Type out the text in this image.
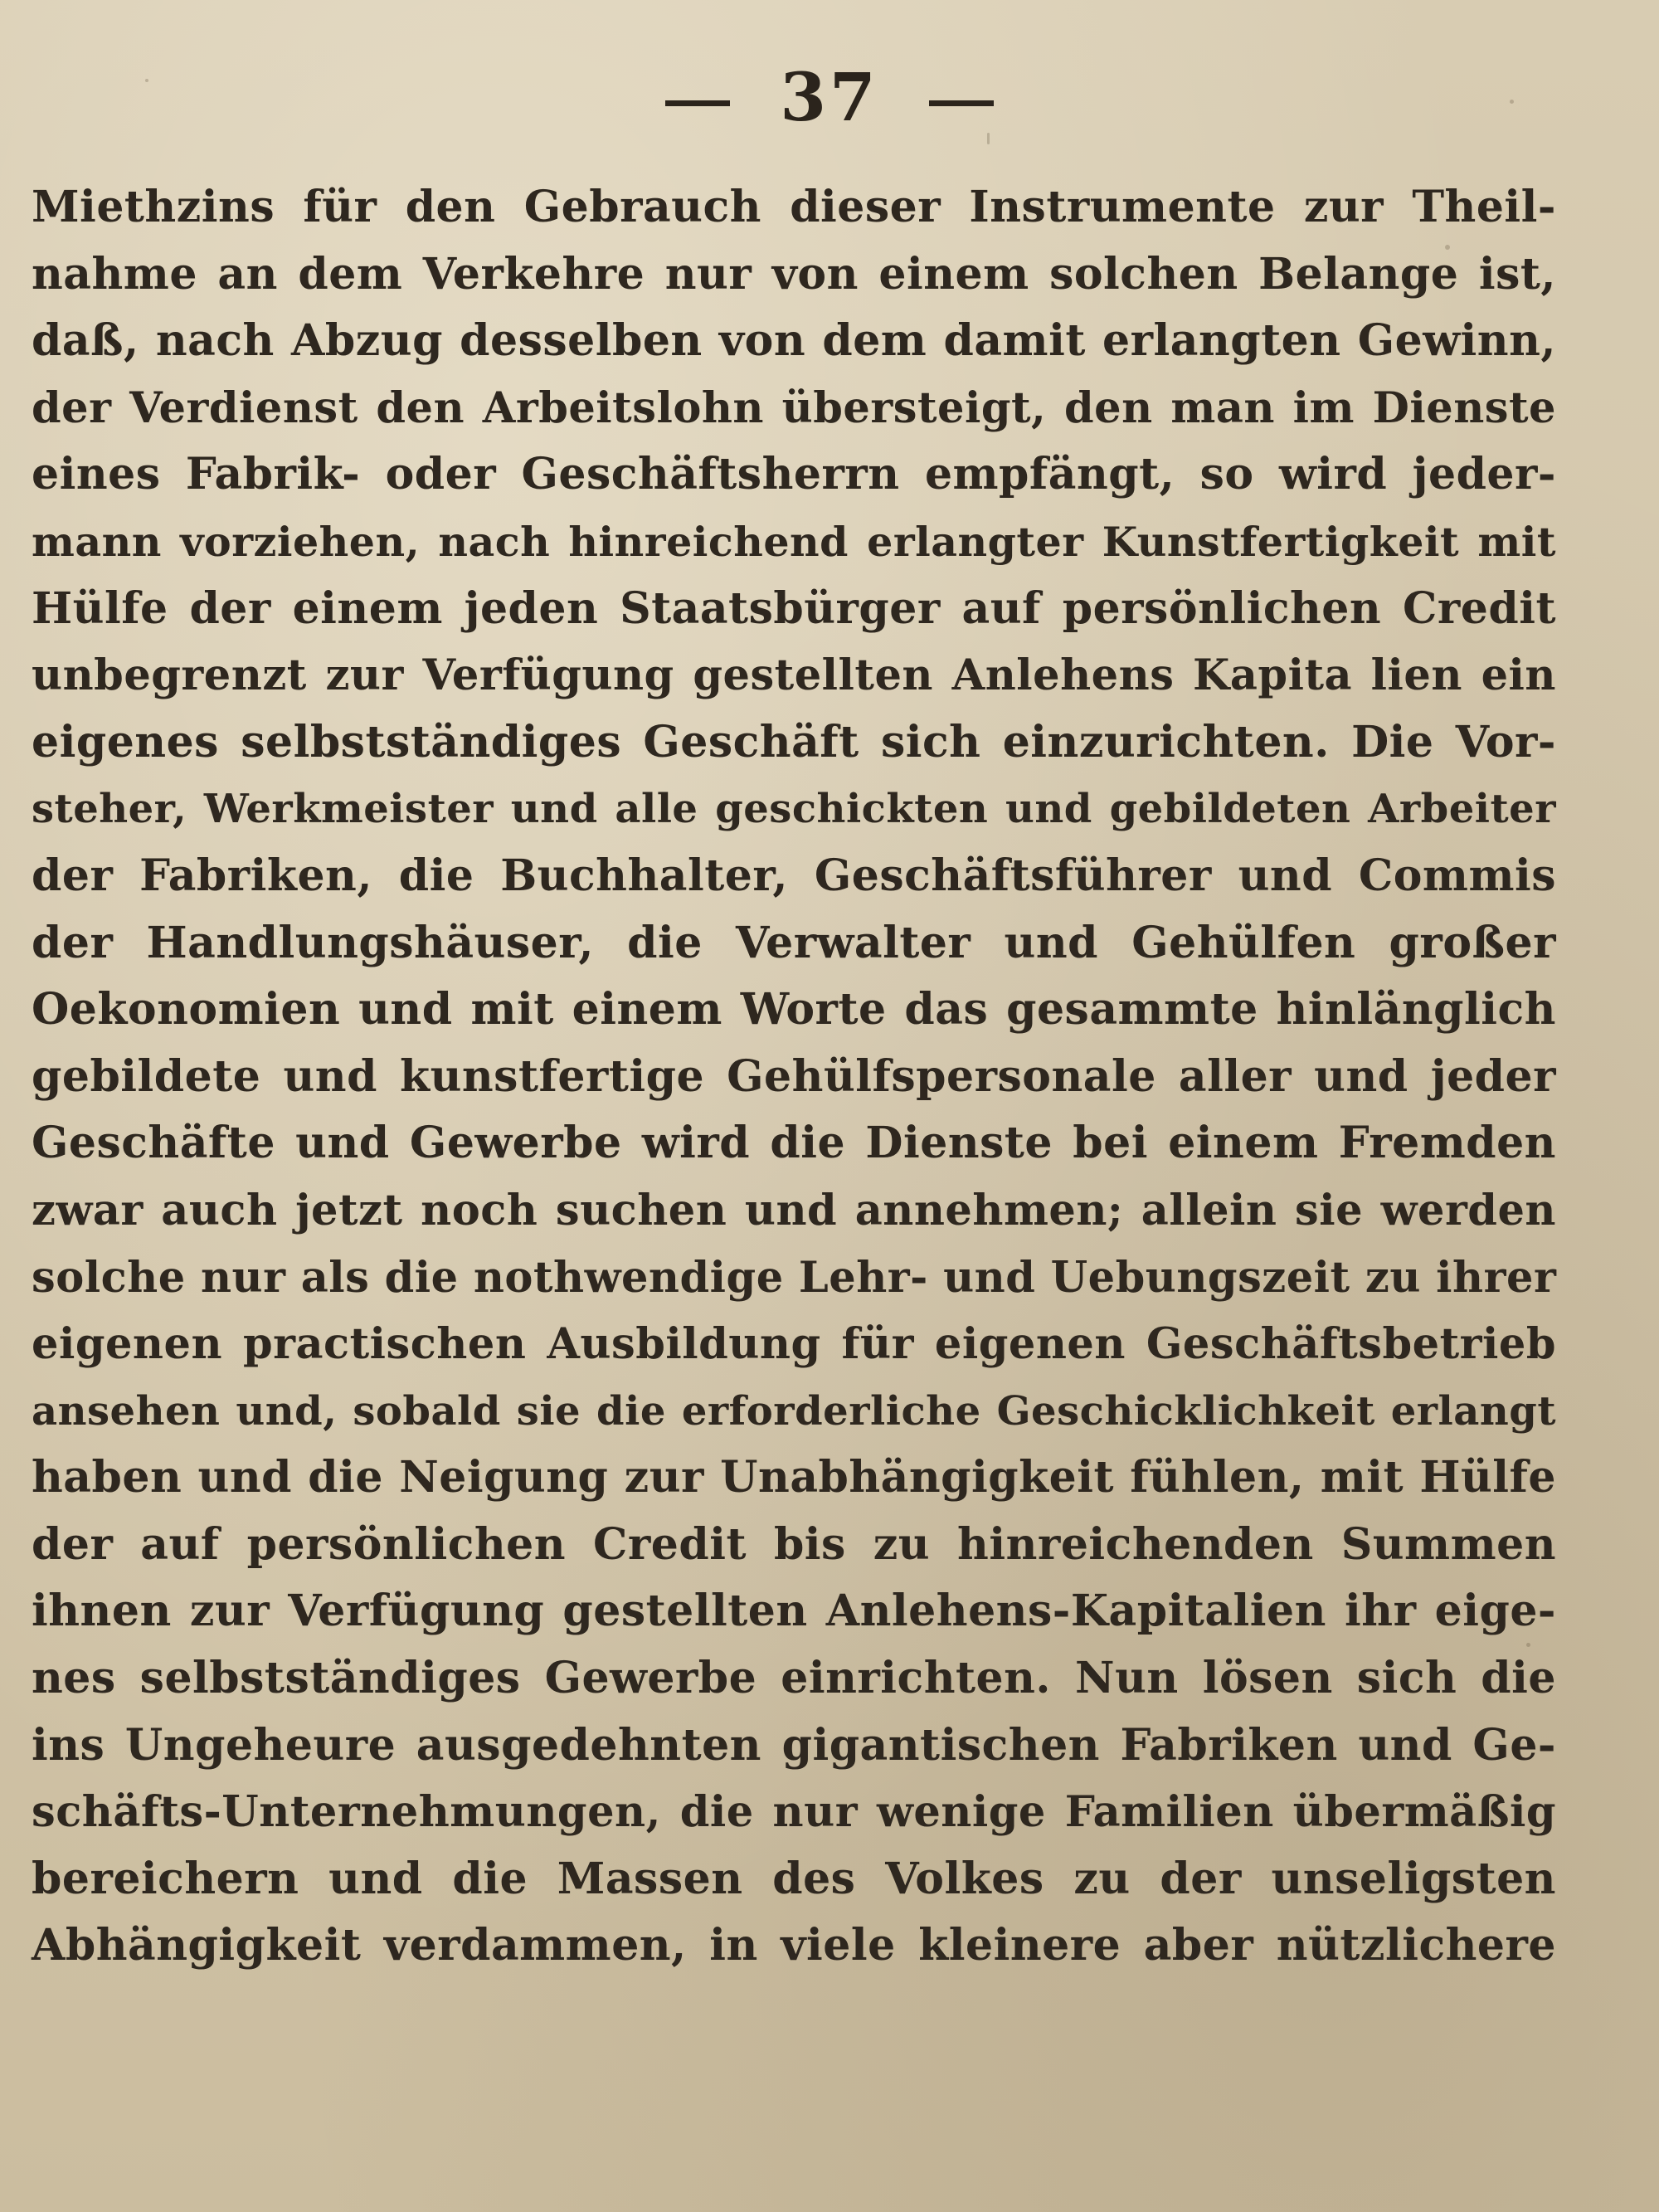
37
Miethzins für den Gebrauch dieser Instrumente zur Theil-
nahme an dem Verkehre nur von einem solchen Belange ist,
daß, nach Abzug desselben von dem damit erlangten Gewinn,
der Verdienst den Arbeitslohn übersteigt, den man im Dienste
eines Fabrik- oder Geschäftsherrn empfängt, so wird jeder-
mann vorziehen, nach hinreichend erlangter Kunstfertigkeit mit
Hülfe der einem jeden Staatsbürger auf persönlichen Credit
unbegrenzt zur Verfügung gestellten Anlehens Kapita lien ein
eigenes selbstständiges Geschäft sich einzurichten. Die Vor-
steher, Werkmeister und alle geschickten und gebildeten Arbeiter
der Fabriken, die Buchhalter, Geschäftsführer und Commis
der Handlungshäuser, die Verwalter und Gehülfen großer
Oekonomien und mit einem Worte das gesammte hinlänglich
gebildete und kunstfertige Gehülfspersonale aller und jeder
Geschäfte und Gewerbe wird die Dienste bei einem Fremden
zwar auch jetzt noch suchen und annehmen; allein sie werden
solche nur als die nothwendige Lehr- und Uebungszeit zu ihrer
eigenen practischen Ausbildung für eigenen Geschäftsbetrieb
ansehen und, sobald sie die erforderliche Geschicklichkeit erlangt
haben und die Neigung zur Unabhängigkeit fühlen, mit Hülfe
der auf persönlichen Credit bis zu hinreichenden Summen
ihnen zur Verfügung gestellten Anlehens-Kapitalien ihr eige-
nes selbstständiges Gewerbe einrichten. Nun lösen sich die
ins Ungeheure ausgedehnten gigantischen Fabriken und Ge-
schäfts-Unternehmungen, die nur wenige Familien übermäßig
bereichern und die Massen des Volkes zu der unseligsten
Abhängigkeit verdammen, in viele kleinere aber nützlichere
